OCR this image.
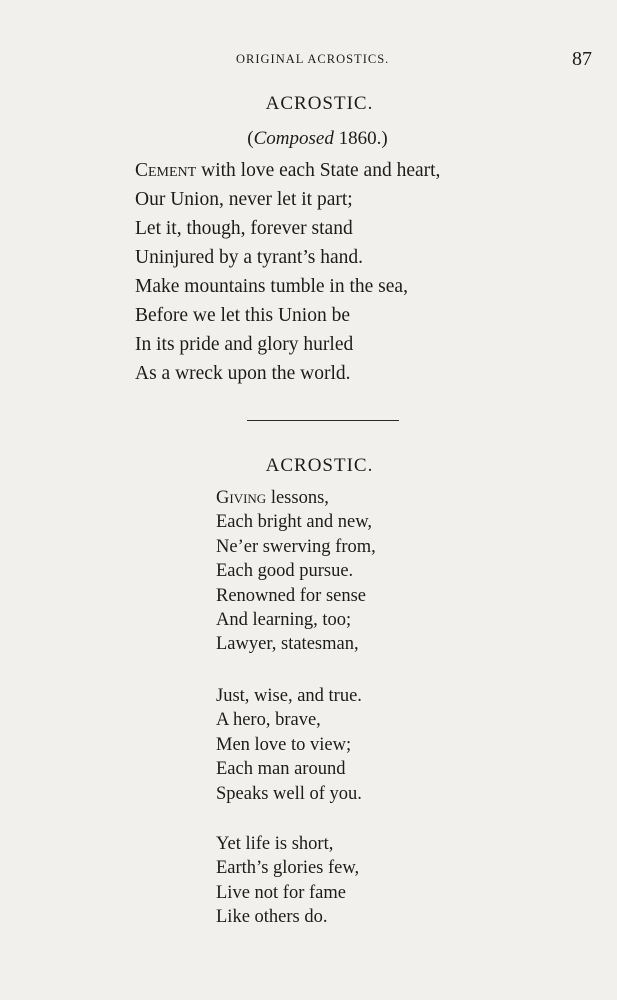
ORIGINAL ACROSTICS.	87
ACROSTIC.
(Composed 1860.)
Cement with love each State and heart,
Our Union, never let it part;
Let it, though, forever stand
Uninjured by a tyrant’s hand.
Make mountains tumble in the sea,
Before we let this Union be
In its pride and glory hurled
As a wreck upon the world.
ACROSTIC.
Giving lessons,
Each bright and new,
Ne’er swerving from,
Each good pursue.
Renowned for sense
And learning, too;
Lawyer, statesman,
Just, wise, and true.
A hero, brave,
Men love to view;
Each man around
Speaks well of you.
Yet life is short,
Earth’s glories few,
Live not for fame
Like others do.
